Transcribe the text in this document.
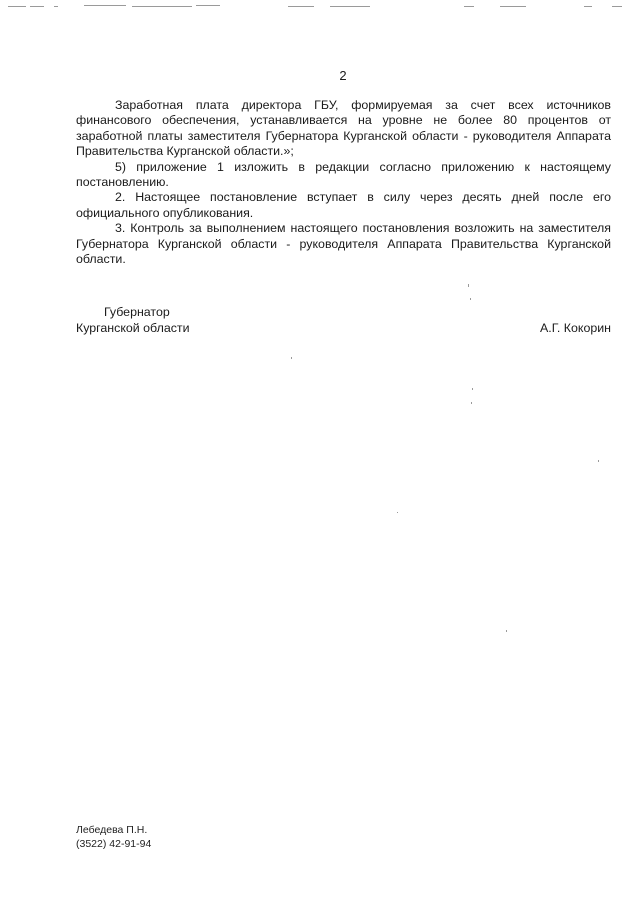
2

Заработная плата директора ГБУ, формируемая за счет всех источников финансового обеспечения, устанавливается на уровне не более 80 процентов от заработной платы заместителя Губернатора Курганской области - руководителя Аппарата Правительства Курганской области.»;

5) приложение 1 изложить в редакции согласно приложению к настоящему постановлению.

2. Настоящее постановление вступает в силу через десять дней после его официального опубликования.

3. Контроль за выполнением настоящего постановления возложить на заместителя Губернатора Курганской области - руководителя Аппарата Правительства Курганской области.

Губернатор
Курганской области	А.Г. Кокорин
Лебедева П.Н.
(3522) 42-91-94
